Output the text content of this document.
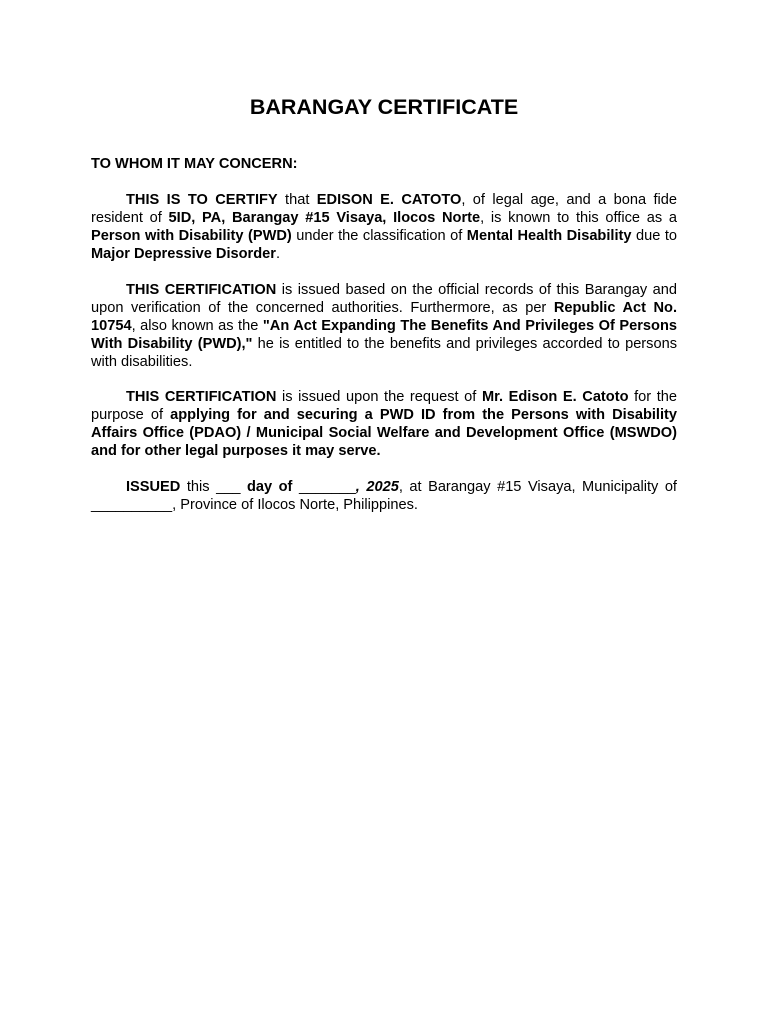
BARANGAY CERTIFICATE
TO WHOM IT MAY CONCERN:

THIS IS TO CERTIFY that EDISON E. CATOTO, of legal age, and a bona fide resident of 5ID, PA, Barangay #15 Visaya, Ilocos Norte, is known to this office as a Person with Disability (PWD) under the classification of Mental Health Disability due to Major Depressive Disorder.

THIS CERTIFICATION is issued based on the official records of this Barangay and upon verification of the concerned authorities. Furthermore, as per Republic Act No. 10754, also known as the "An Act Expanding The Benefits And Privileges Of Persons With Disability (PWD)," he is entitled to the benefits and privileges accorded to persons with disabilities.

THIS CERTIFICATION is issued upon the request of Mr. Edison E. Catoto for the purpose of applying for and securing a PWD ID from the Persons with Disability Affairs Office (PDAO) / Municipal Social Welfare and Development Office (MSWDO) and for other legal purposes it may serve.

ISSUED this ___ day of _______, 2025, at Barangay #15 Visaya, Municipality of __________, Province of Ilocos Norte, Philippines.
